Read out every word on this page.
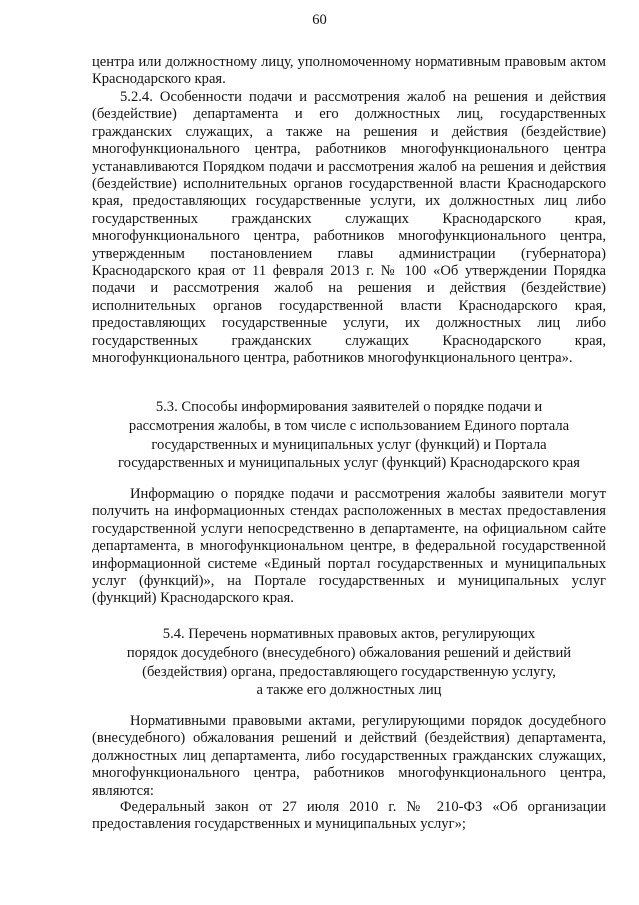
60

центра или должностному лицу, уполномоченному нормативным правовым актом Краснодарского края.

5.2.4. Особенности подачи и рассмотрения жалоб на решения и действия (бездействие) департамента и его должностных лиц, государственных гражданских служащих, а также на решения и действия (бездействие) многофункционального центра, работников многофункционального центра устанавливаются Порядком подачи и рассмотрения жалоб на решения и действия (бездействие) исполнительных органов государственной власти Краснодарского края, предоставляющих государственные услуги, их должностных лиц либо государственных гражданских служащих Краснодарского края, многофункционального центра, работников многофункционального центра, утвержденным постановлением главы администрации (губернатора) Краснодарского края от 11 февраля 2013 г. № 100 «Об утверждении Порядка подачи и рассмотрения жалоб на решения и действия (бездействие) исполнительных органов государственной власти Краснодарского края, предоставляющих государственные услуги, их должностных лиц либо государственных гражданских служащих Краснодарского края, многофункционального центра, работников многофункционального центра».

5.3. Способы информирования заявителей о порядке подачи и

рассмотрения жалобы, в том числе с использованием Единого портала

государственных и муниципальных услуг (функций) и Портала

государственных и муниципальных услуг (функций) Краснодарского края

Информацию о порядке подачи и рассмотрения жалобы заявители могут получить на информационных стендах расположенных в местах предоставления государственной услуги непосредственно в департаменте, на официальном сайте департамента, в многофункциональном центре, в федеральной государственной информационной системе «Единый портал государственных и муниципальных услуг (функций)», на Портале государственных и муниципальных услуг (функций) Краснодарского края.

5.4. Перечень нормативных правовых актов, регулирующих

порядок досудебного (внесудебного) обжалования решений и действий

(бездействия) органа, предоставляющего государственную услугу,

а также его должностных лиц

Нормативными правовыми актами, регулирующими порядок досудебного (внесудебного) обжалования решений и действий (бездействия) департамента, должностных лиц департамента, либо государственных гражданских служащих, многофункционального центра, работников многофункционального центра, являются:

Федеральный закон от 27 июля 2010 г. № 210-ФЗ «Об организации предоставления государственных и муниципальных услуг»;
